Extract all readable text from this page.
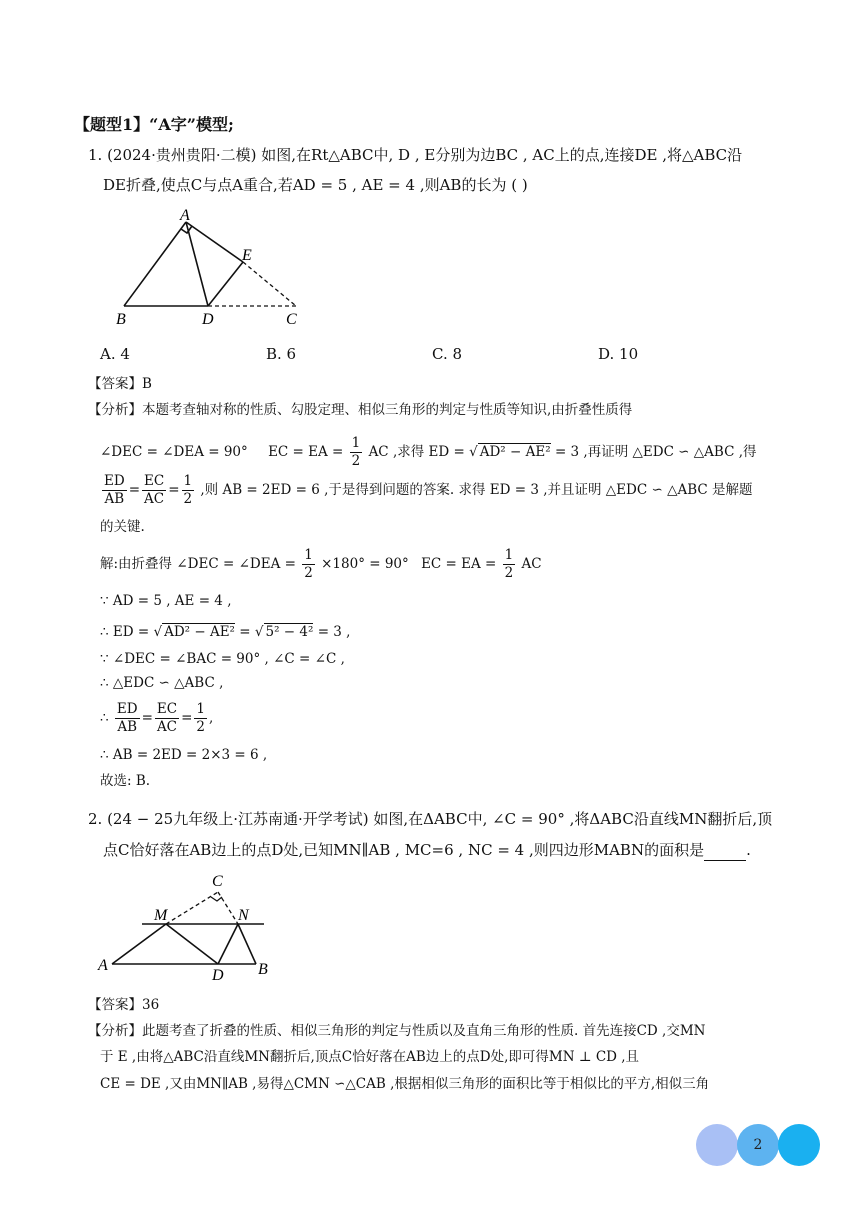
【题型1】“A字”模型;
1. (2024·贵州贵阳·二模) 如图,在Rt△ABC中, D , E分别为边BC , AC上的点,连接DE ,将△ABC沿
DE折叠,使点C与点A重合,若AD = 5 , AE = 4 ,则AB的长为 ( )
A
B	D	C
E
A. 4	B. 6	C. 8	D. 10
【答案】B
【分析】本题考查轴对称的性质、勾股定理、相似三角形的判定与性质等知识,由折叠性质得
∠DEC = ∠DEA = 90° EC = EA = $\frac{1}{2}$ AC ,求得 ED = √ AD² − AE² = 3 ,再证明 △EDC ∽ △ABC ,得
$\frac{ED}{AB} = \frac{EC}{AC} = \frac{1}{2}$ ,则 AB = 2ED = 6 ,于是得到问题的答案. 求得 ED = 3 ,并且证明 △EDC ∽ △ABC 是解题
的关键.
解:由折叠得 ∠DEC = ∠DEA = $\frac{1}{2} \times 180^\circ = 90^\circ$ EC = EA = $\frac{1}{2}$ AC
∵ AD = 5 , AE = 4 ,
∴ ED = √ AD² − AE² = √ 5² − 4² = 3 ,
∵ ∠DEC = ∠BAC = 90° , ∠C = ∠C ,
∴ △EDC ∽ △ABC ,
∴ $\frac{ED}{AB} = \frac{EC}{AC} = \frac{1}{2}$ ,
∴ AB = 2ED = 2×3 = 6 ,
故选: B.
2. (24 − 25九年级上·江苏南通·开学考试) 如图,在ΔABC中, ∠C = 90° ,将ΔABC沿直线MN翻折后,顶
点C恰好落在AB边上的点D处,已知MN∥AB , MC=6 , NC = 4 ,则四边形MABN的面积是	.
C
M	N
A
D B
【答案】36
【分析】此题考查了折叠的性质、相似三角形的判定与性质以及直角三角形的性质. 首先连接CD ,交MN
于 E ,由将△ABC沿直线MN翻折后,顶点C恰好落在AB边上的点D处,即可得MN ⊥ CD ,且
CE = DE ,又由MN∥AB ,易得△CMN ∽△CAB ,根据相似三角形的面积比等于相似比的平方,相似三角
2
